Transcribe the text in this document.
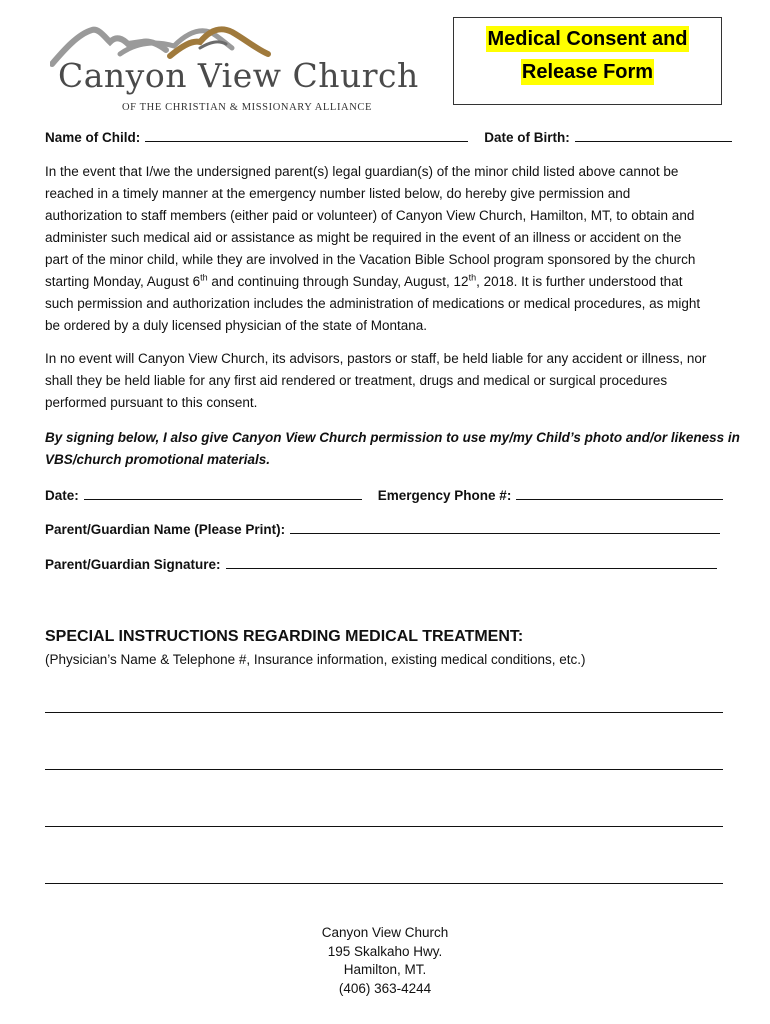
Canyon View Church
OF THE CHRISTIAN & MISSIONARY ALLIANCE
Medical Consent and
Release Form
Name of Child:	Date of Birth:
In the event that I/we the undersigned parent(s) legal guardian(s) of the minor child listed above cannot be
reached in a timely manner at the emergency number listed below, do hereby give permission and
authorization to staff members (either paid or volunteer) of Canyon View Church, Hamilton, MT, to obtain and
administer such medical aid or assistance as might be required in the event of an illness or accident on the
part of the minor child, while they are involved in the Vacation Bible School program sponsored by the church
starting Monday, August 6th and continuing through Sunday, August, 12th, 2018. It is further understood that
such permission and authorization includes the administration of medications or medical procedures, as might
be ordered by a duly licensed physician of the state of Montana.
In no event will Canyon View Church, its advisors, pastors or staff, be held liable for any accident or illness, nor
shall they be held liable for any first aid rendered or treatment, drugs and medical or surgical procedures
performed pursuant to this consent.
By signing below, I also give Canyon View Church permission to use my/my Child’s photo and/or likeness in
VBS/church promotional materials.
Date:	Emergency Phone #:
Parent/Guardian Name (Please Print):
Parent/Guardian Signature:
SPECIAL INSTRUCTIONS REGARDING MEDICAL TREATMENT:
(Physician’s Name & Telephone #, Insurance information, existing medical conditions, etc.)
Canyon View Church
195 Skalkaho Hwy.
Hamilton, MT.
(406) 363-4244
